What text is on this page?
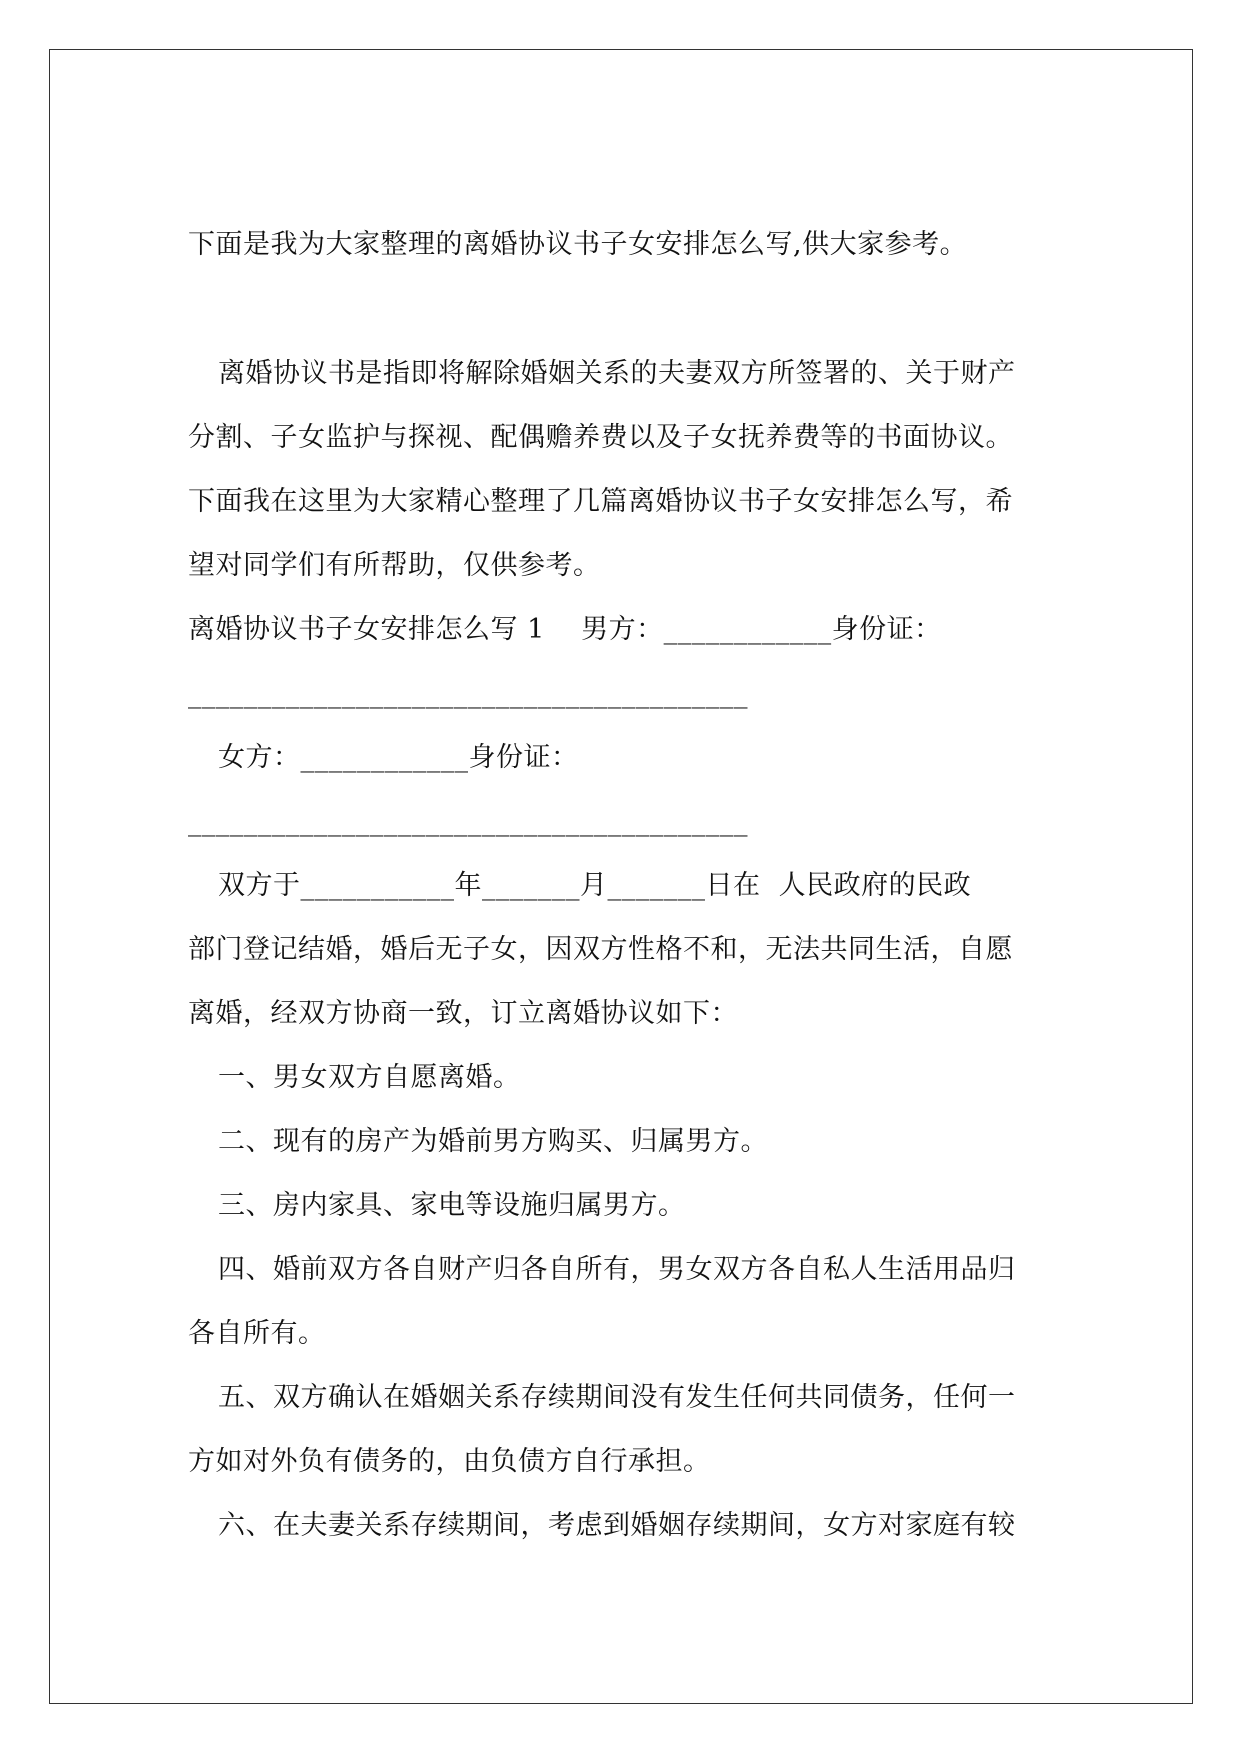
下面是我为大家整理的离婚协议书子女安排怎么写,供大家参考。
离婚协议书是指即将解除婚姻关系的夫妻双方所签署的、关于财产
分割、子女监护与探视、配偶赡养费以及子女抚养费等的书面协议。
下面我在这里为大家精心整理了几篇离婚协议书子女安排怎么写，希
望对同学们有所帮助，仅供参考。
离婚协议书子女安排怎么写 1    男方：____________身份证：
________________________________________
女方：____________身份证：
________________________________________
双方于___________年_______月_______日在  人民政府的民政
部门登记结婚，婚后无子女，因双方性格不和，无法共同生活，自愿
离婚，经双方协商一致，订立离婚协议如下：
一、男女双方自愿离婚。
二、现有的房产为婚前男方购买、归属男方。
三、房内家具、家电等设施归属男方。
四、婚前双方各自财产归各自所有，男女双方各自私人生活用品归
各自所有。
五、双方确认在婚姻关系存续期间没有发生任何共同债务，任何一
方如对外负有债务的，由负债方自行承担。
六、在夫妻关系存续期间，考虑到婚姻存续期间，女方对家庭有较
